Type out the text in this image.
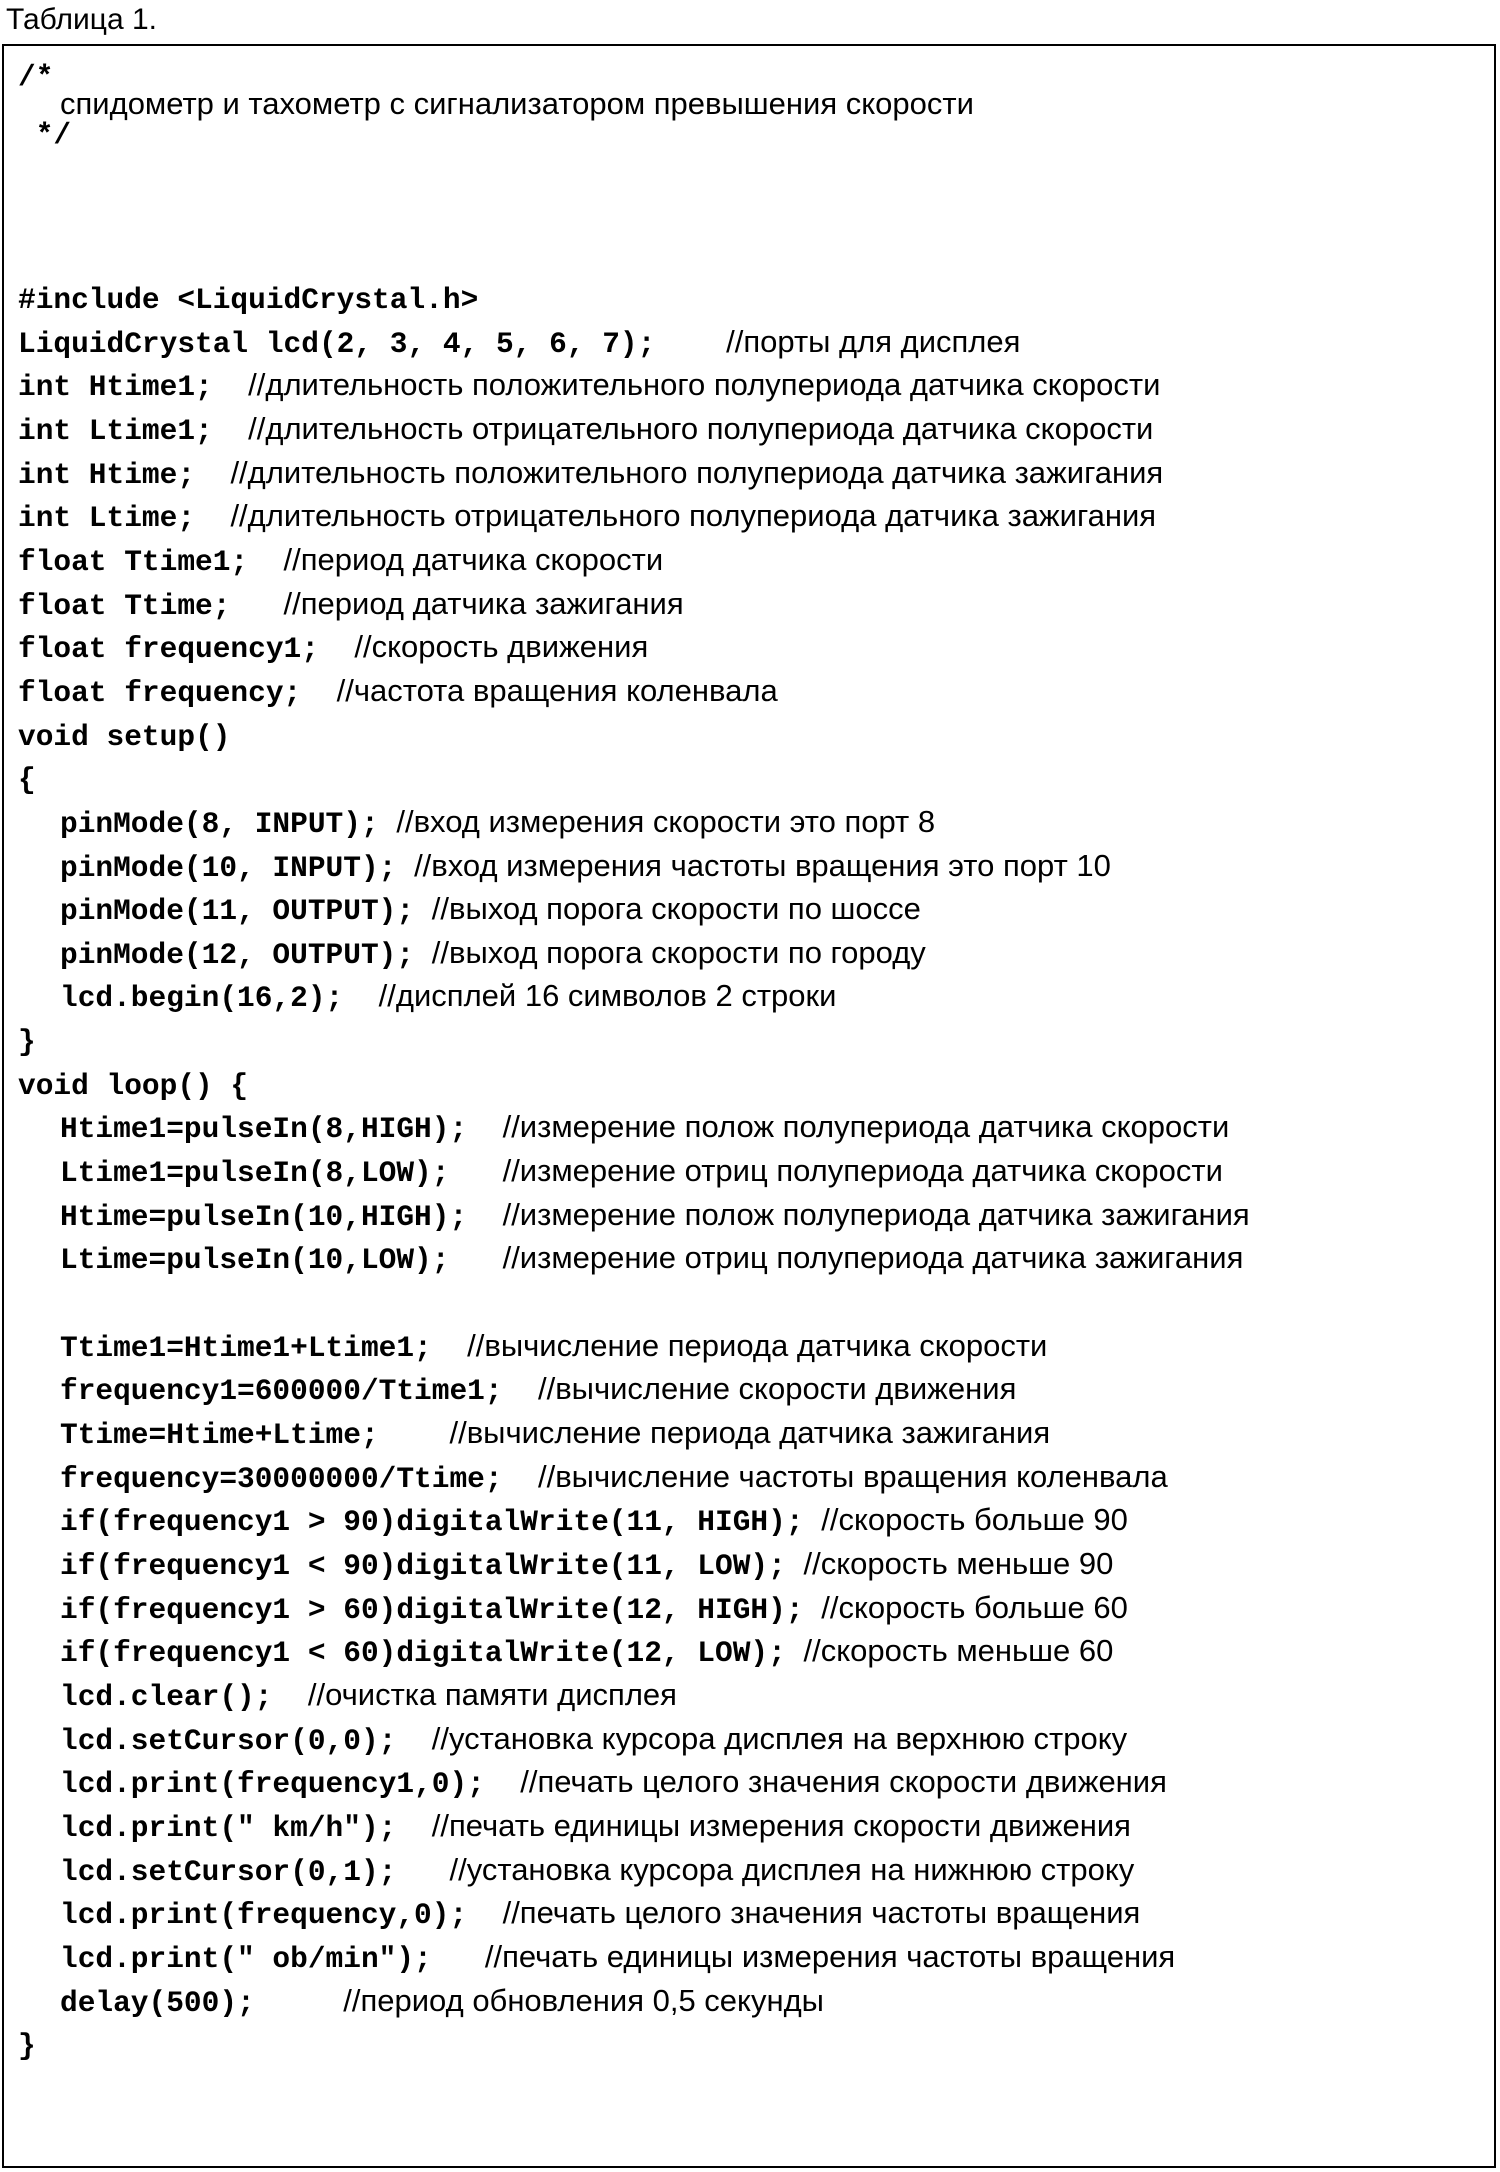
Таблица 1.
/*
спидометр и тахометр с сигнализатором превышения скорости
*/
#include <LiquidCrystal.h>
LiquidCrystal lcd(2, 3, 4, 5, 6, 7);    //порты для дисплея
int Htime1;  //длительность положительного полупериода датчика скорости
int Ltime1;  //длительность отрицательного полупериода датчика скорости
int Htime;  //длительность положительного полупериода датчика зажигания
int Ltime;  //длительность отрицательного полупериода датчика зажигания
float Ttime1;  //период датчика скорости
float Ttime;   //период датчика зажигания
float frequency1;  //скорость движения
float frequency;  //частота вращения коленвала
void setup()
{
pinMode(8, INPUT); //вход измерения скорости это порт 8
pinMode(10, INPUT); //вход измерения частоты вращения это порт 10
pinMode(11, OUTPUT); //выход порога скорости по шоссе
pinMode(12, OUTPUT); //выход порога скорости по городу
lcd.begin(16,2);  //дисплей 16 символов 2 строки
}
void loop() {
Htime1=pulseIn(8,HIGH);  //измерение полож полупериода датчика скорости
Ltime1=pulseIn(8,LOW);   //измерение отриц полупериода датчика скорости
Htime=pulseIn(10,HIGH);  //измерение полож полупериода датчика зажигания
Ltime=pulseIn(10,LOW);   //измерение отриц полупериода датчика зажигания
Ttime1=Htime1+Ltime1;  //вычисление периода датчика скорости
frequency1=600000/Ttime1;  //вычисление скорости движения
Ttime=Htime+Ltime;    //вычисление периода датчика зажигания
frequency=30000000/Ttime;  //вычисление частоты вращения коленвала
if(frequency1 > 90)digitalWrite(11, HIGH); //скорость больше 90
if(frequency1 < 90)digitalWrite(11, LOW); //скорость меньше 90
if(frequency1 > 60)digitalWrite(12, HIGH); //скорость больше 60
if(frequency1 < 60)digitalWrite(12, LOW); //скорость меньше 60
lcd.clear();  //очистка памяти дисплея
lcd.setCursor(0,0);  //установка курсора дисплея на верхнюю строку
lcd.print(frequency1,0);  //печать целого значения скорости движения
lcd.print(" km/h");  //печать единицы измерения скорости движения
lcd.setCursor(0,1);   //установка курсора дисплея на нижнюю строку
lcd.print(frequency,0);  //печать целого значения частоты вращения
lcd.print(" ob/min");   //печать единицы измерения частоты вращения
delay(500);     //период обновления 0,5 секунды
}
